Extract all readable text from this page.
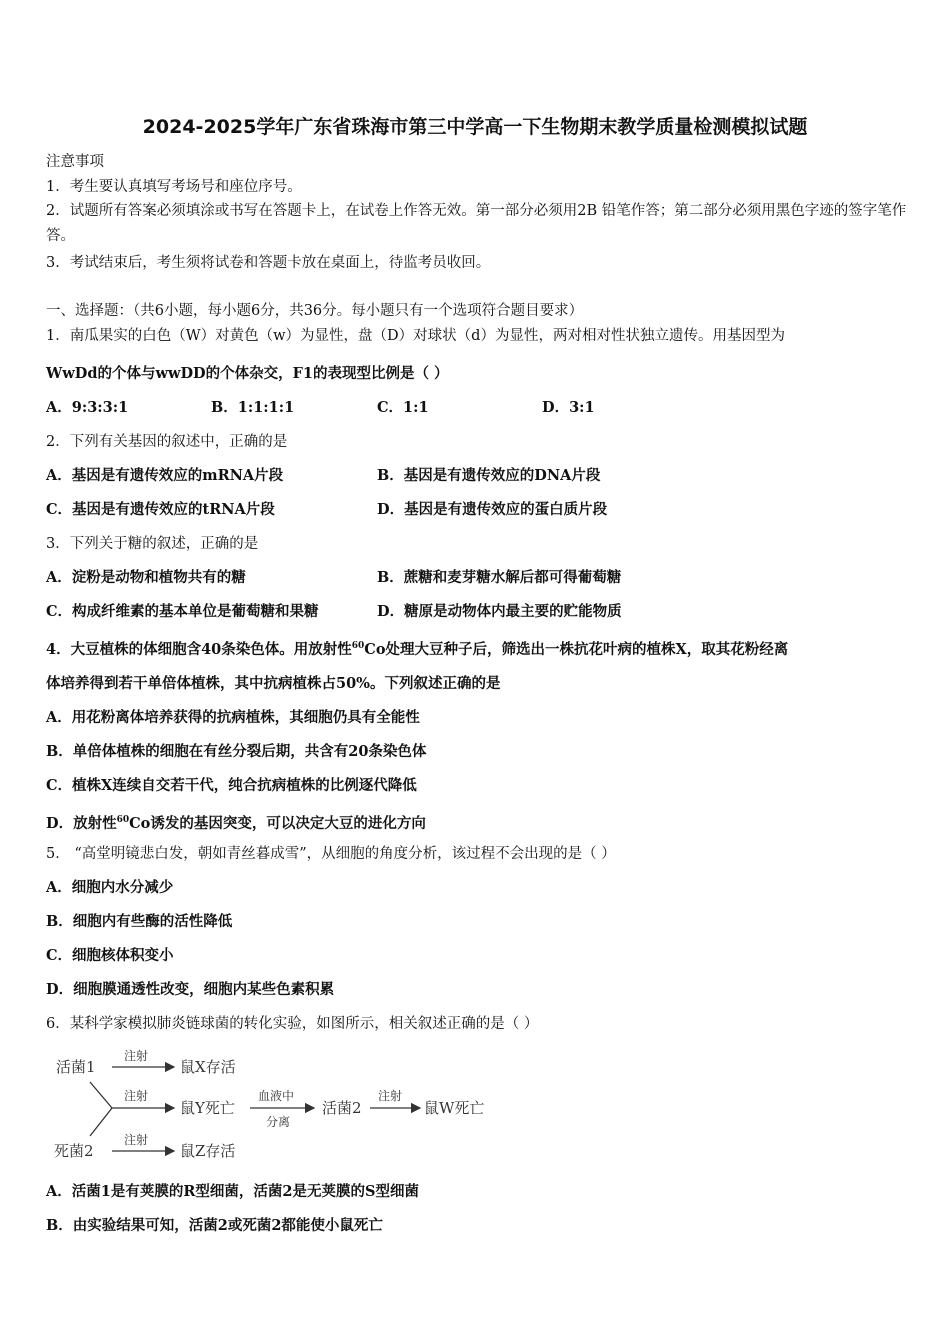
2024-2025学年广东省珠海市第三中学高一下生物期末教学质量检测模拟试题
注意事项
1．考生要认真填写考场号和座位序号。
2．试题所有答案必须填涂或书写在答题卡上，在试卷上作答无效。第一部分必须用2B 铅笔作答；第二部分必须用黑色字迹的签字笔作答。
3．考试结束后，考生须将试卷和答题卡放在桌面上，待监考员收回。
一、选择题：（共6小题，每小题6分，共36分。每小题只有一个选项符合题目要求）
1．南瓜果实的白色（W）对黄色（w）为显性，盘（D）对球状（d）为显性，两对相对性状独立遗传。用基因型为
WwDd的个体与wwDD的个体杂交，F1的表现型比例是（ ）
A．9:3:3:1	B．1:1:1:1	C．1:1	D．3:1
2．下列有关基因的叙述中，正确的是
A．基因是有遗传效应的mRNA片段	B．基因是有遗传效应的DNA片段
C．基因是有遗传效应的tRNA片段	D．基因是有遗传效应的蛋白质片段
3．下列关于糖的叙述，正确的是
A．淀粉是动物和植物共有的糖	B．蔗糖和麦芽糖水解后都可得葡萄糖
C．构成纤维素的基本单位是葡萄糖和果糖	D．糖原是动物体内最主要的贮能物质
4．大豆植株的体细胞含40条染色体。用放射性$^{60}$Co处理大豆种子后，筛选出一株抗花叶病的植株X，取其花粉经离
体培养得到若干单倍体植株，其中抗病植株占50%。下列叙述正确的是
A．用花粉离体培养获得的抗病植株，其细胞仍具有全能性
B．单倍体植株的细胞在有丝分裂后期，共含有20条染色体
C．植株X连续自交若干代，纯合抗病植株的比例逐代降低
D．放射性$^{60}$Co诱发的基因突变，可以决定大豆的进化方向
5． “高堂明镜悲白发，朝如青丝暮成雪”，从细胞的角度分析，该过程不会出现的是（ ）
A．细胞内水分减少
B．细胞内有些酶的活性降低
C．细胞核体积变小
D．细胞膜通透性改变，细胞内某些色素积累
6．某科学家模拟肺炎链球菌的转化实验，如图所示，相关叙述正确的是（ ）
活菌1
死菌2
注射
鼠X存活
注射
鼠Y死亡
血液中
分离
活菌2
注射
鼠W死亡
注射
鼠Z存活
A．活菌1是有荚膜的R型细菌，活菌2是无荚膜的S型细菌
B．由实验结果可知，活菌2或死菌2都能使小鼠死亡
